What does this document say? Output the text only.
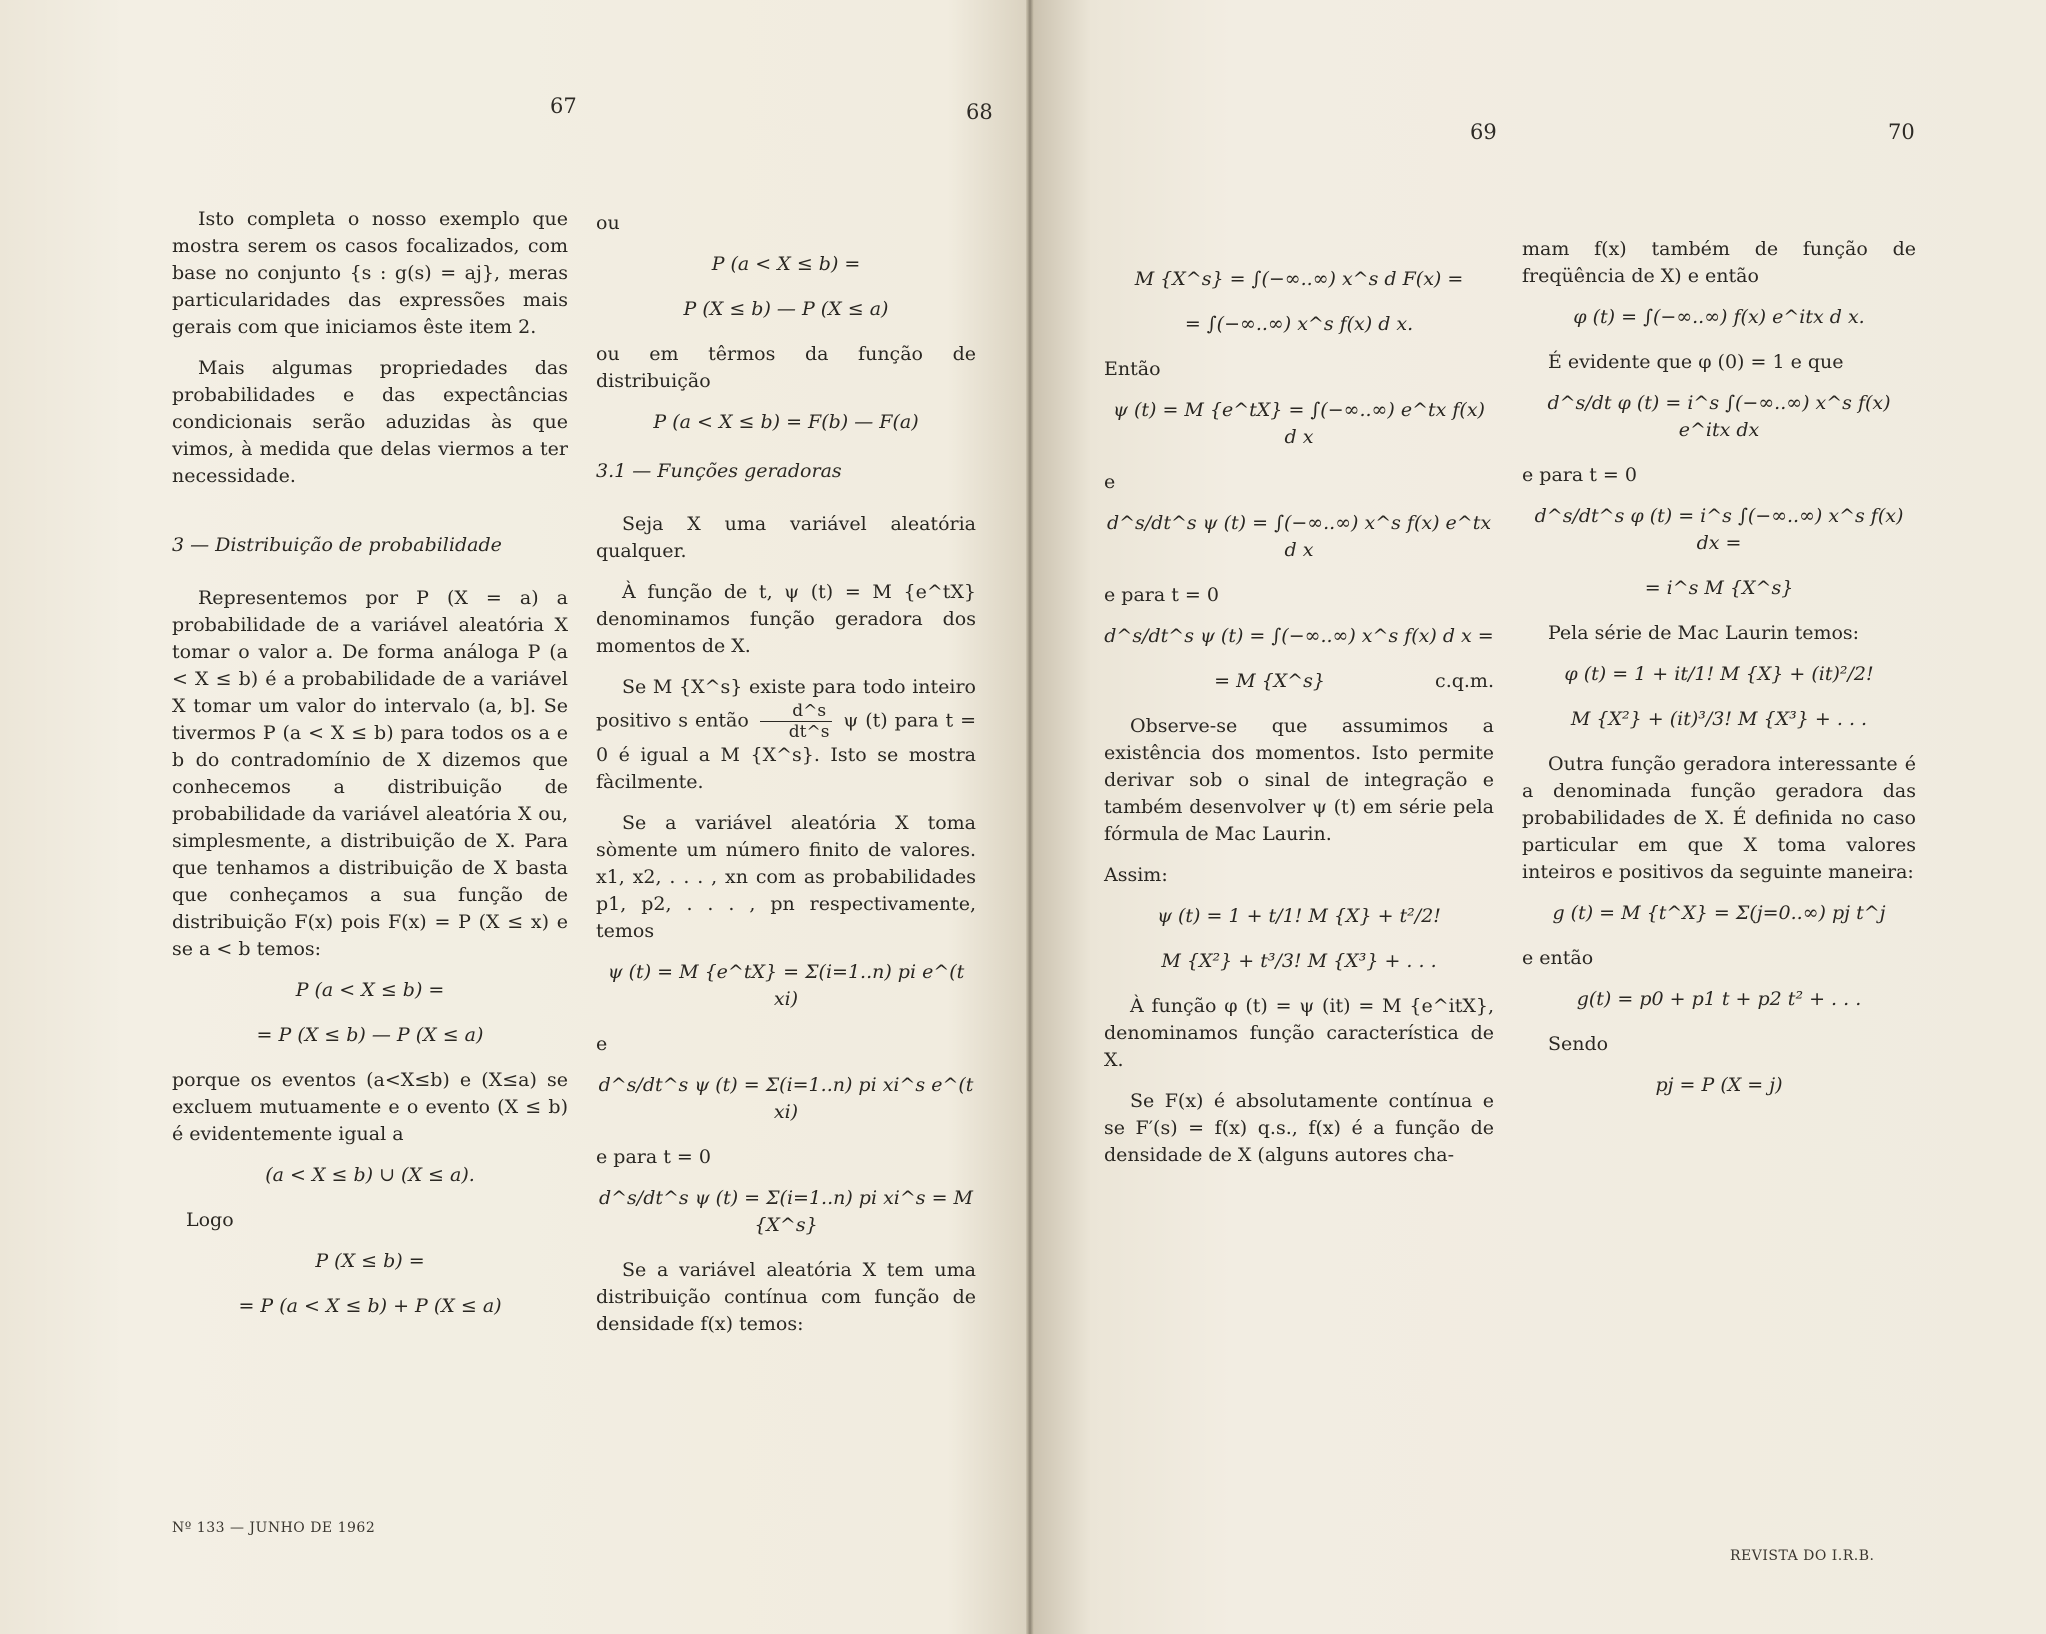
67	68
69	70

Isto completa o nosso exemplo que mostra serem os casos focalizados, com base no conjunto {s : g(s) = aj}, meras particularidades das expressões mais gerais com que iniciamos êste item 2.

Mais algumas propriedades das probabilidades e das expectâncias condicionais serão aduzidas às que vimos, à medida que delas viermos a ter necessidade.

3 — Distribuição de probabilidade

Representemos por P (X = a) a probabilidade de a variável aleatória X tomar o valor a. De forma análoga P (a < X ≤ b) é a probabilidade de a variável X tomar um valor do intervalo (a, b]. Se tivermos P (a < X ≤ b) para todos os a e b do contradomínio de X dizemos que conhecemos a distribuição de probabilidade da variável aleatória X ou, simplesmente, a distribuição de X. Para que tenhamos a distribuição de X basta que conheçamos a sua função de distribuição F(x) pois F(x) = P (X ≤ x) e se a < b temos:

P (a < X ≤ b) =
= P (X ≤ b) — P (X ≤ a)

porque os eventos (a<X≤b) e (X≤a) se excluem mutuamente e o evento (X ≤ b) é evidentemente igual a

(a < X ≤ b) ∪ (X ≤ a).

Logo

P (X ≤ b) =
= P (a < X ≤ b) + P (X ≤ a)
Nº 133 — JUNHO DE 1962

ou

P (a < X ≤ b) =
P (X ≤ b) — P (X ≤ a)

ou em têrmos da função de distribuição

P (a < X ≤ b) = F(b) — F(a)
3.1 — Funções geradoras

Seja X uma variável aleatória qualquer.

À função de t, ψ (t) = M {e^tX} denominamos função geradora dos momentos de X.

Se M {X^s} existe para todo inteiro positivo s então $\frac{d\^{}s}{dt\^{}s}$ ψ (t) para t = 0 é igual a M {X^s}. Isto se mostra fàcilmente.

Se a variável aleatória X toma sòmente um número finito de valores. x1, x2, . . . , xn com as probabilidades p1, p2, . . . , pn respectivamente, temos

ψ (t) = M {e^tX} = Σ(i=1..n) pi e^(t xi)

e

d^s/dt^s ψ (t) = Σ(i=1..n) pi xi^s e^(t xi)

e para t = 0

d^s/dt^s ψ (t) = Σ(i=1..n) pi xi^s = M {X^s}

Se a variável aleatória X tem uma distribuição contínua com função de densidade f(x) temos:

M {X^s} = ∫(−∞..∞) x^s d F(x) =
= ∫(−∞..∞) x^s f(x) d x.

Então

ψ (t) = M {e^tX} = ∫(−∞..∞) e^tx f(x) d x

e

d^s/dt^s ψ (t) = ∫(−∞..∞) x^s f(x) e^tx d x

e para t = 0

d^s/dt^s ψ (t) = ∫(−∞..∞) x^s f(x) d x =
= M {X^s}	c.q.m.

Observe-se que assumimos a existência dos momentos. Isto permite derivar sob o sinal de integração e também desenvolver ψ (t) em série pela fórmula de Mac Laurin.

Assim:

ψ (t) = 1 + t/1! M {X} + t²/2!
M {X²} + t³/3! M {X³} + . . .

À função φ (t) = ψ (it) = M {e^itX}, denominamos função característica de X.

Se F(x) é absolutamente contínua e se F′(s) = f(x) q.s., f(x) é a função de densidade de X (alguns autores cha-

mam f(x) também de função de freqüência de X) e então

φ (t) = ∫(−∞..∞) f(x) e^itx d x.

É evidente que φ (0) = 1 e que

d^s/dt φ (t) = i^s ∫(−∞..∞) x^s f(x) e^itx dx

e para t = 0

d^s/dt^s φ (t) = i^s ∫(−∞..∞) x^s f(x) dx =
= i^s M {X^s}

Pela série de Mac Laurin temos:

φ (t) = 1 + it/1! M {X} + (it)²/2!
M {X²} + (it)³/3! M {X³} + . . .

Outra função geradora interessante é a denominada função geradora das probabilidades de X. É definida no caso particular em que X toma valores inteiros e positivos da seguinte maneira:

g (t) = M {t^X} = Σ(j=0..∞) pj t^j

e então

g(t) = p0 + p1 t + p2 t² + . . .

Sendo

pj = P (X = j)
REVISTA DO I.R.B.
